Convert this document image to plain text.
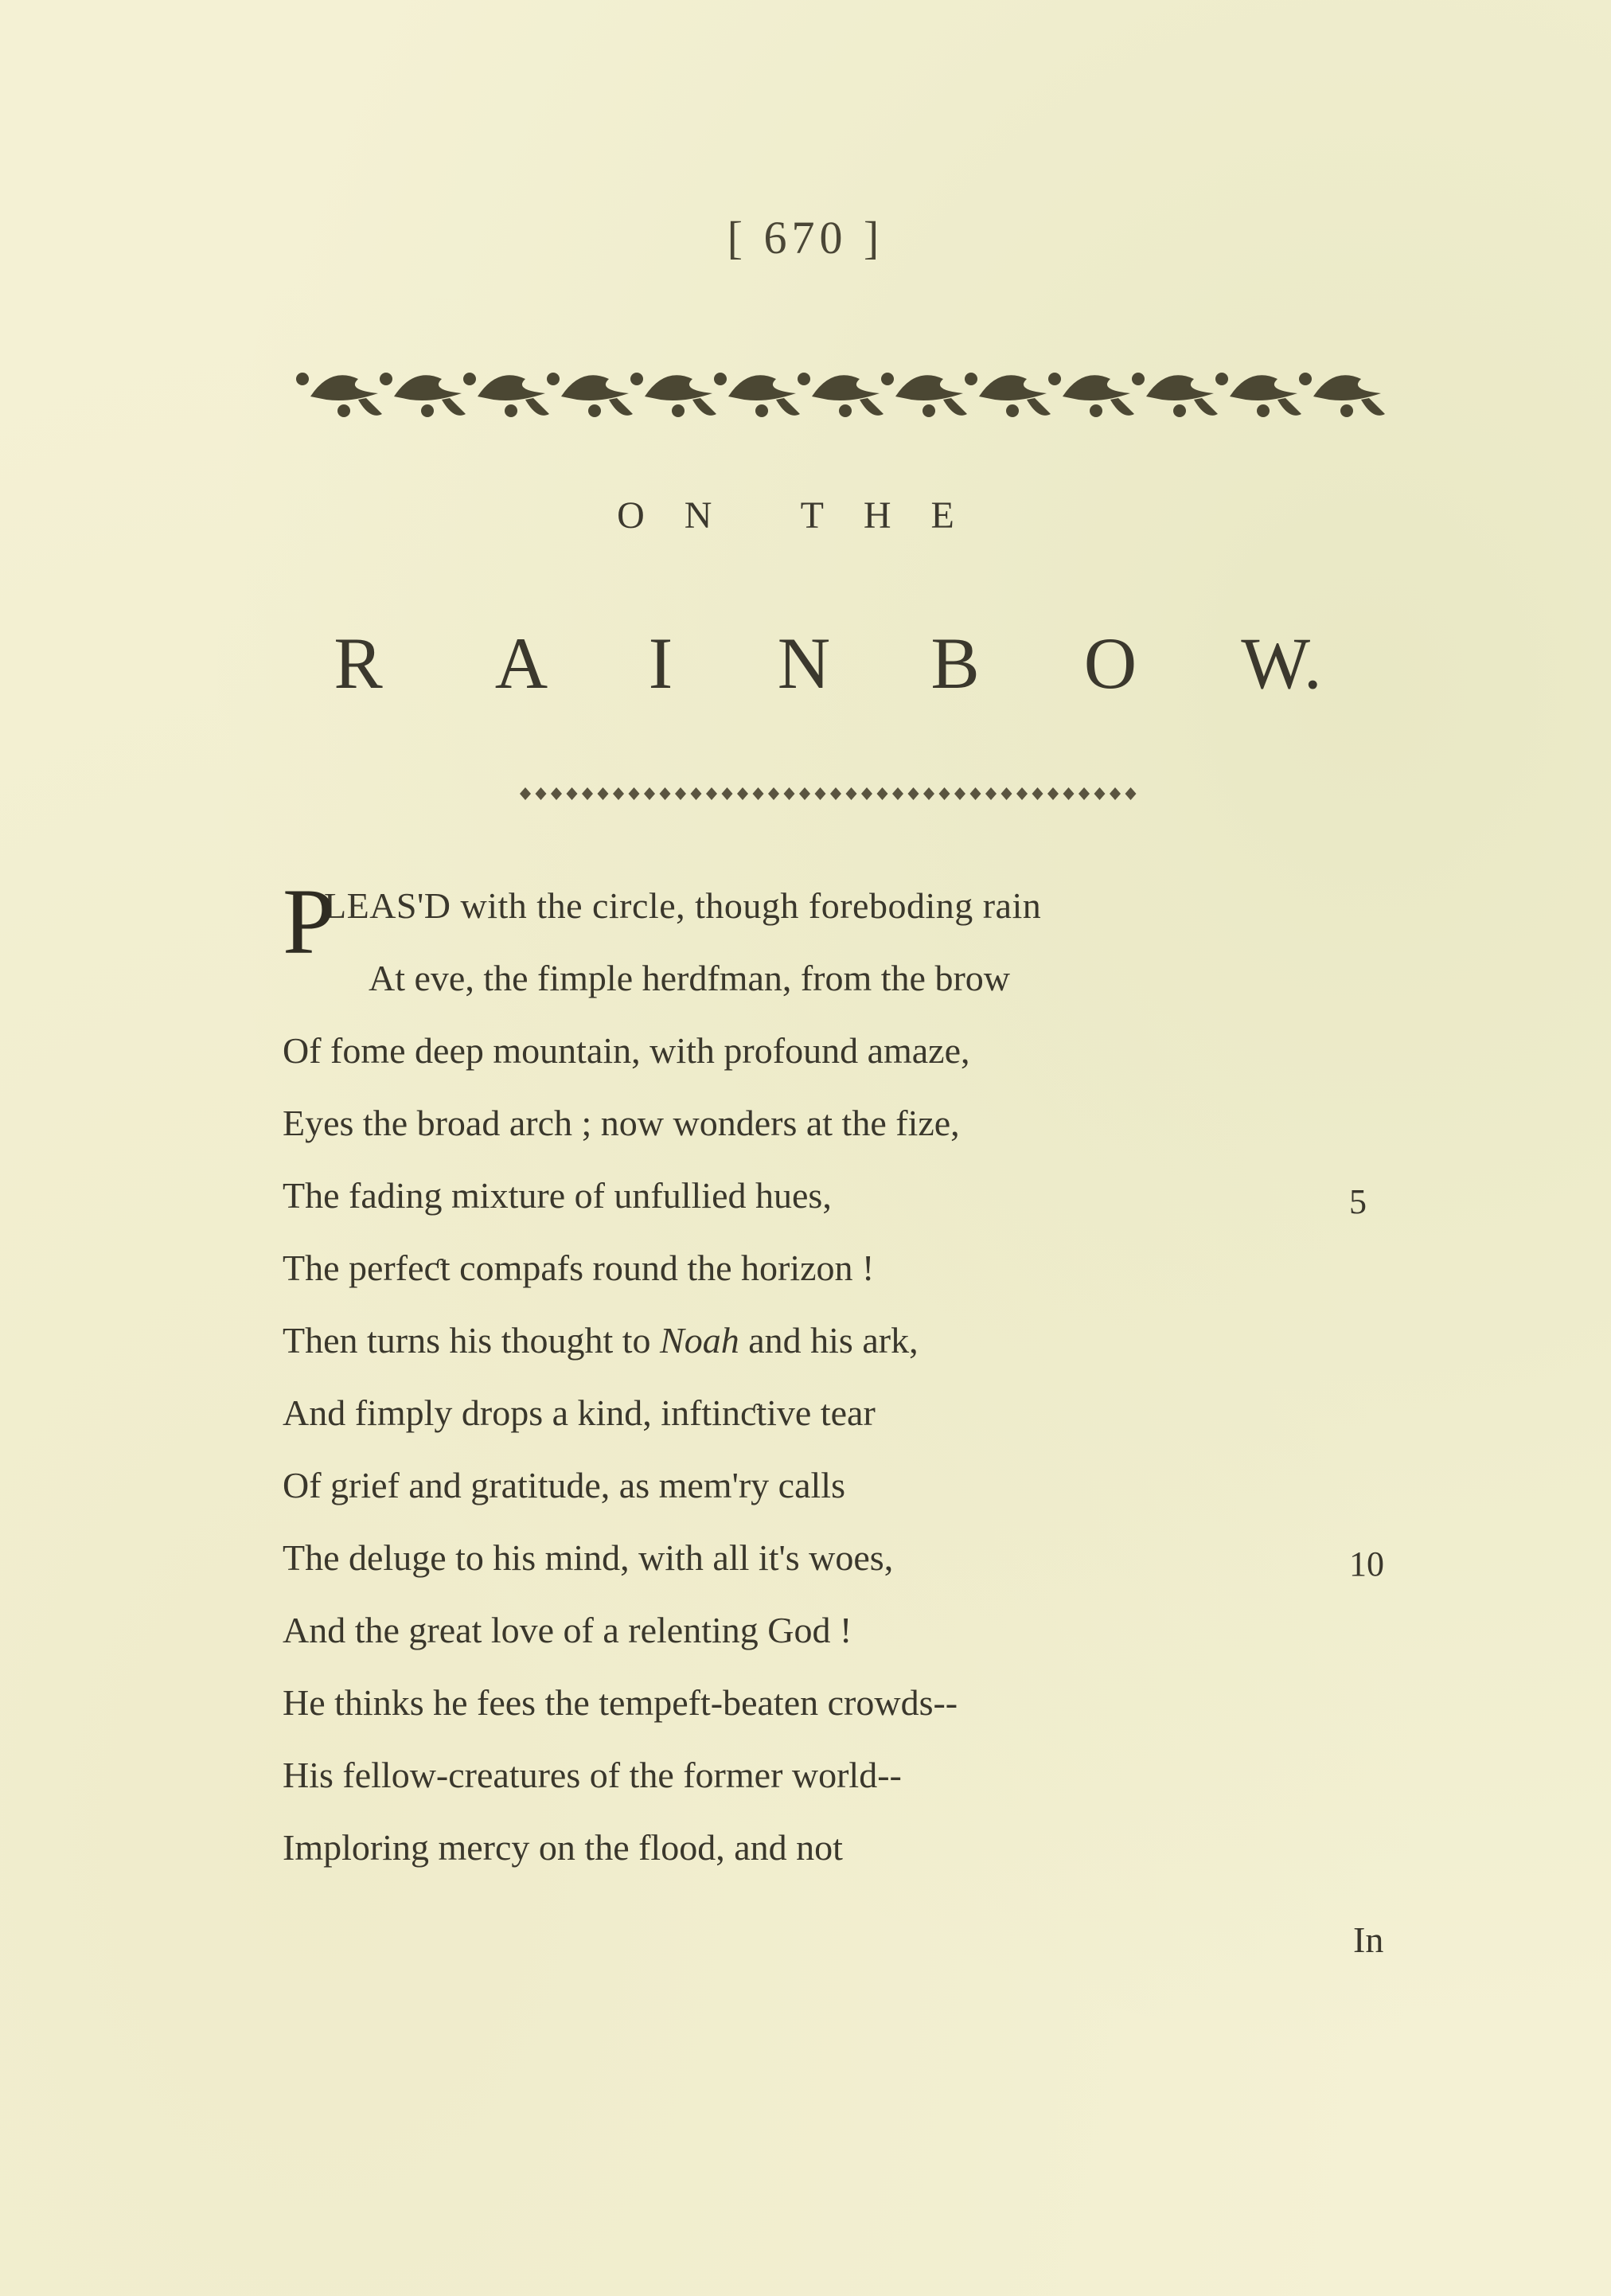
[ 670 ]
ON THE
R A I N B O W.
P
LEAS'D with the circle, though foreboding rain
At eve, the fimple herdfman, from the brow
Of fome deep mountain, with profound amaze,
Eyes the broad arch ; now wonders at the fize,
The fading mixture of unfullied hues,	5
The perfeƈt compafs round the horizon !
Then turns his thought to Noah and his ark,
And fimply drops a kind, inftinƈtive tear
Of grief and gratitude, as mem'ry calls
The deluge to his mind, with all it's woes,	10
And the great love of a relenting God !
He thinks he fees the tempeft-beaten crowds--
His fellow-creatures of the former world--
Imploring mercy on the flood, and not
In
